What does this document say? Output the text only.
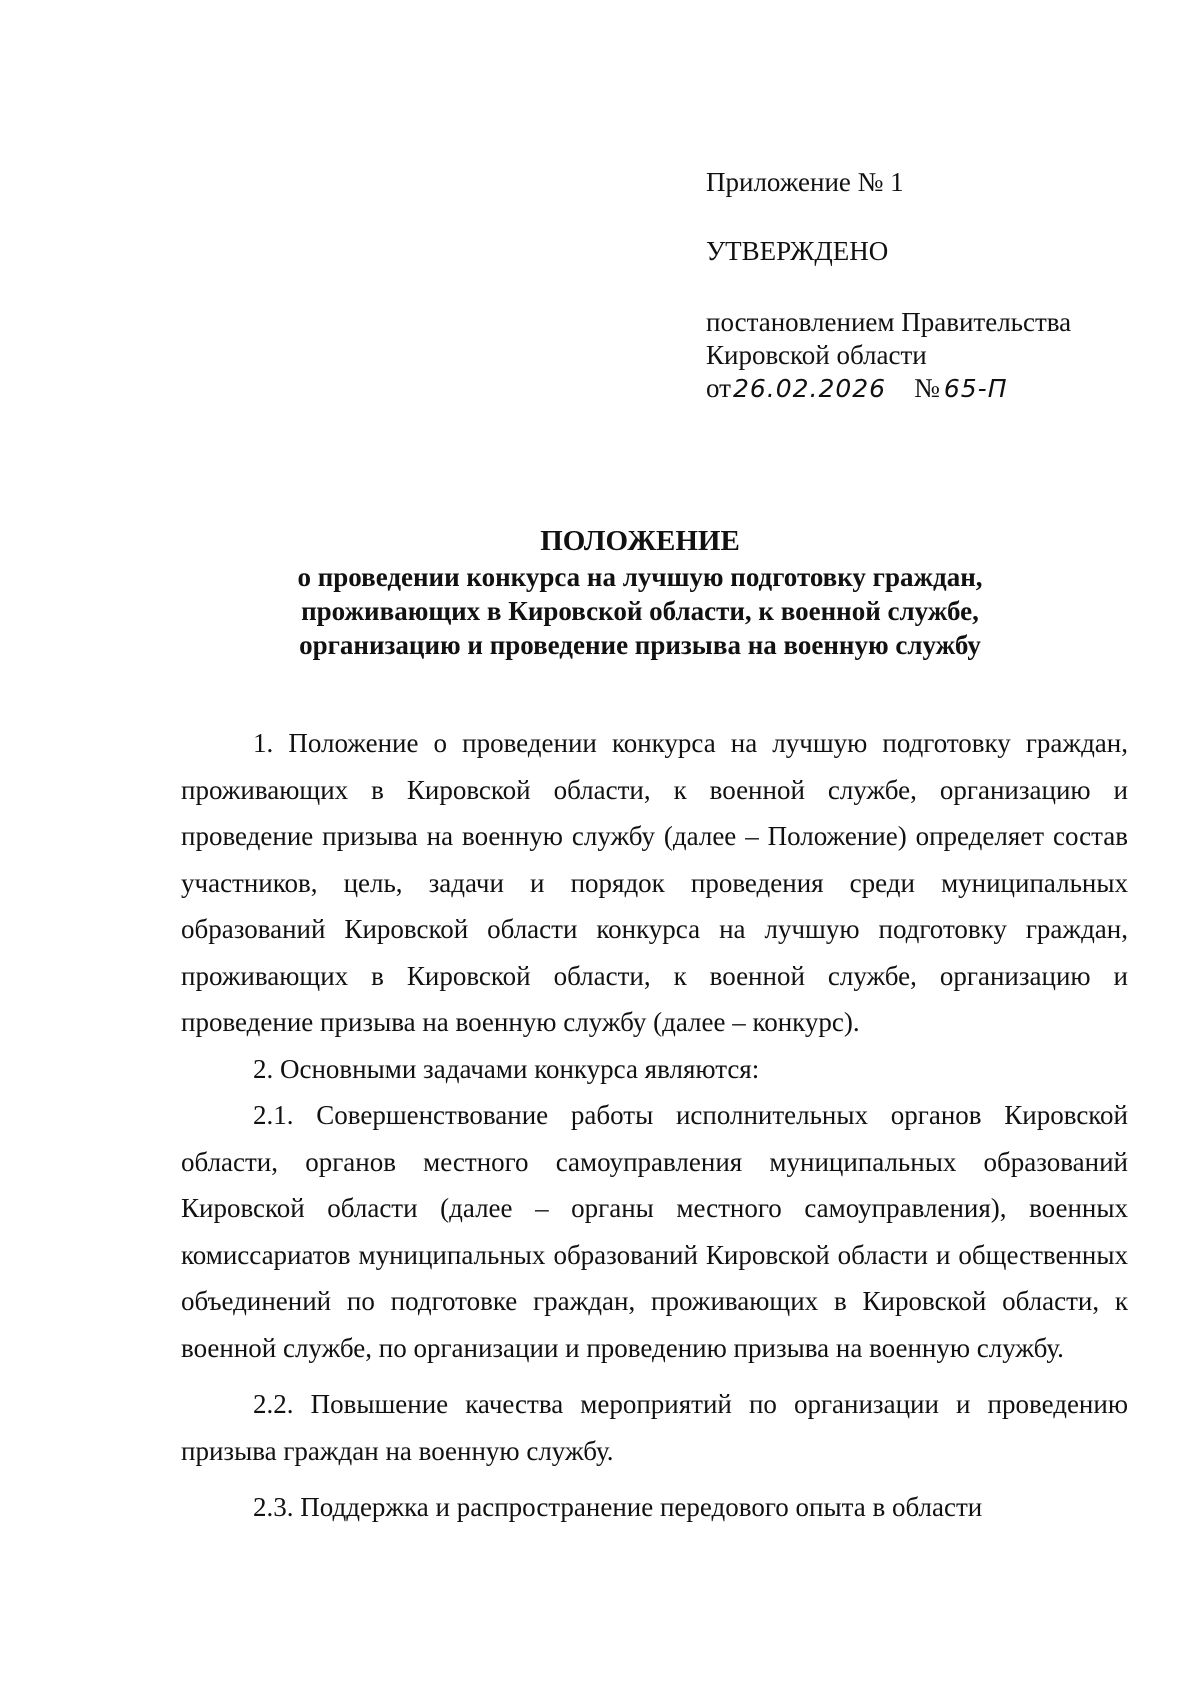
Приложение № 1

УТВЕРЖДЕНО

постановлением Правительства

Кировской области

от26.02.2026 № 65-П

ПОЛОЖЕНИЕ

о проведении конкурса на лучшую подготовку граждан,

проживающих в Кировской области, к военной службе,

организацию и проведение призыва на военную службу

1. Положение о проведении конкурса на лучшую подготовку граждан, проживающих в Кировской области, к военной службе, организацию и проведение призыва на военную службу (далее – Положение) определяет состав участников, цель, задачи и порядок проведения среди муниципальных образований Кировской области конкурса на лучшую подготовку граждан, проживающих в Кировской области, к военной службе, организацию и проведение призыва на военную службу (далее – конкурс).

2. Основными задачами конкурса являются:

2.1. Совершенствование работы исполнительных органов Кировской области, органов местного самоуправления муниципальных образований Кировской области (далее – органы местного самоуправления), военных комиссариатов муниципальных образований Кировской области и общественных объединений по подготовке граждан, проживающих в Кировской области, к военной службе, по организации и проведению призыва на военную службу.

2.2. Повышение качества мероприятий по организации и проведению призыва граждан на военную службу.

2.3. Поддержка и распространение передового опыта в области
